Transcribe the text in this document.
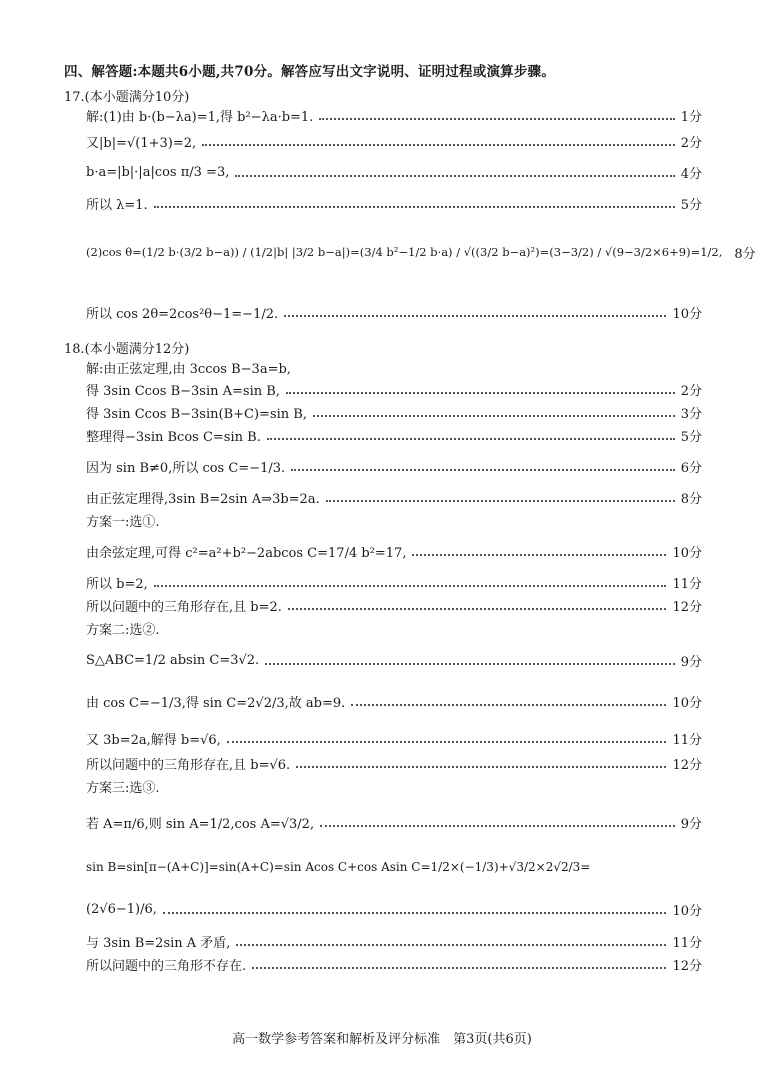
四、解答题:本题共6小题,共70分。解答应写出文字说明、证明过程或演算步骤。
17.(本小题满分10分)
解:(1)由 b·(b−λa)=1,得 b²−λa·b=1.	1分
又|b|=√(1+3)=2,	2分
b·a=|b|·|a|cos π/3 =3,	4分
所以 λ=1.	5分
(2)cos θ= (1/2 b·(3/2 b−a)) / (1/2|b| |3/2 b−a|) =(3/4 b²−1/2 b·a) / √((3/2 b−a)²) =(3−3/2) / √(9−3/2×6+9) =1/2, 8分
所以 cos 2θ=2cos²θ−1=−1/2.	10分
18.(本小题满分12分)
解:由正弦定理,由 3ccos B−3a=b,
得 3sin Ccos B−3sin A=sin B,	2分
得 3sin Ccos B−3sin(B+C)=sin B,	3分
整理得−3sin Bcos C=sin B.	5分
因为 sin B≠0,所以 cos C=−1/3.	6分
由正弦定理得,3sin B=2sin A⇒3b=2a.	8分
方案一:选①.
由余弦定理,可得 c²=a²+b²−2abcos C=17/4 b²=17,	10分
所以 b=2,	11分
所以问题中的三角形存在,且 b=2.	12分
方案二:选②.
S△ABC=1/2 absin C=3√2.	9分
由 cos C=−1/3,得 sin C=2√2/3,故 ab=9.	10分
又 3b=2a,解得 b=√6,	11分
所以问题中的三角形存在,且 b=√6.	12分
方案三:选③.
若 A=π/6,则 sin A=1/2,cos A=√3/2,	9分
sin B=sin[π−(A+C)]=sin(A+C)=sin Acos C+cos Asin C=1/2×(−1/3)+√3/2×2√2/3=
(2√6−1)/6,	10分
与 3sin B=2sin A 矛盾,	11分
所以问题中的三角形不存在.	12分
高一数学参考答案和解析及评分标准　第3页(共6页)
